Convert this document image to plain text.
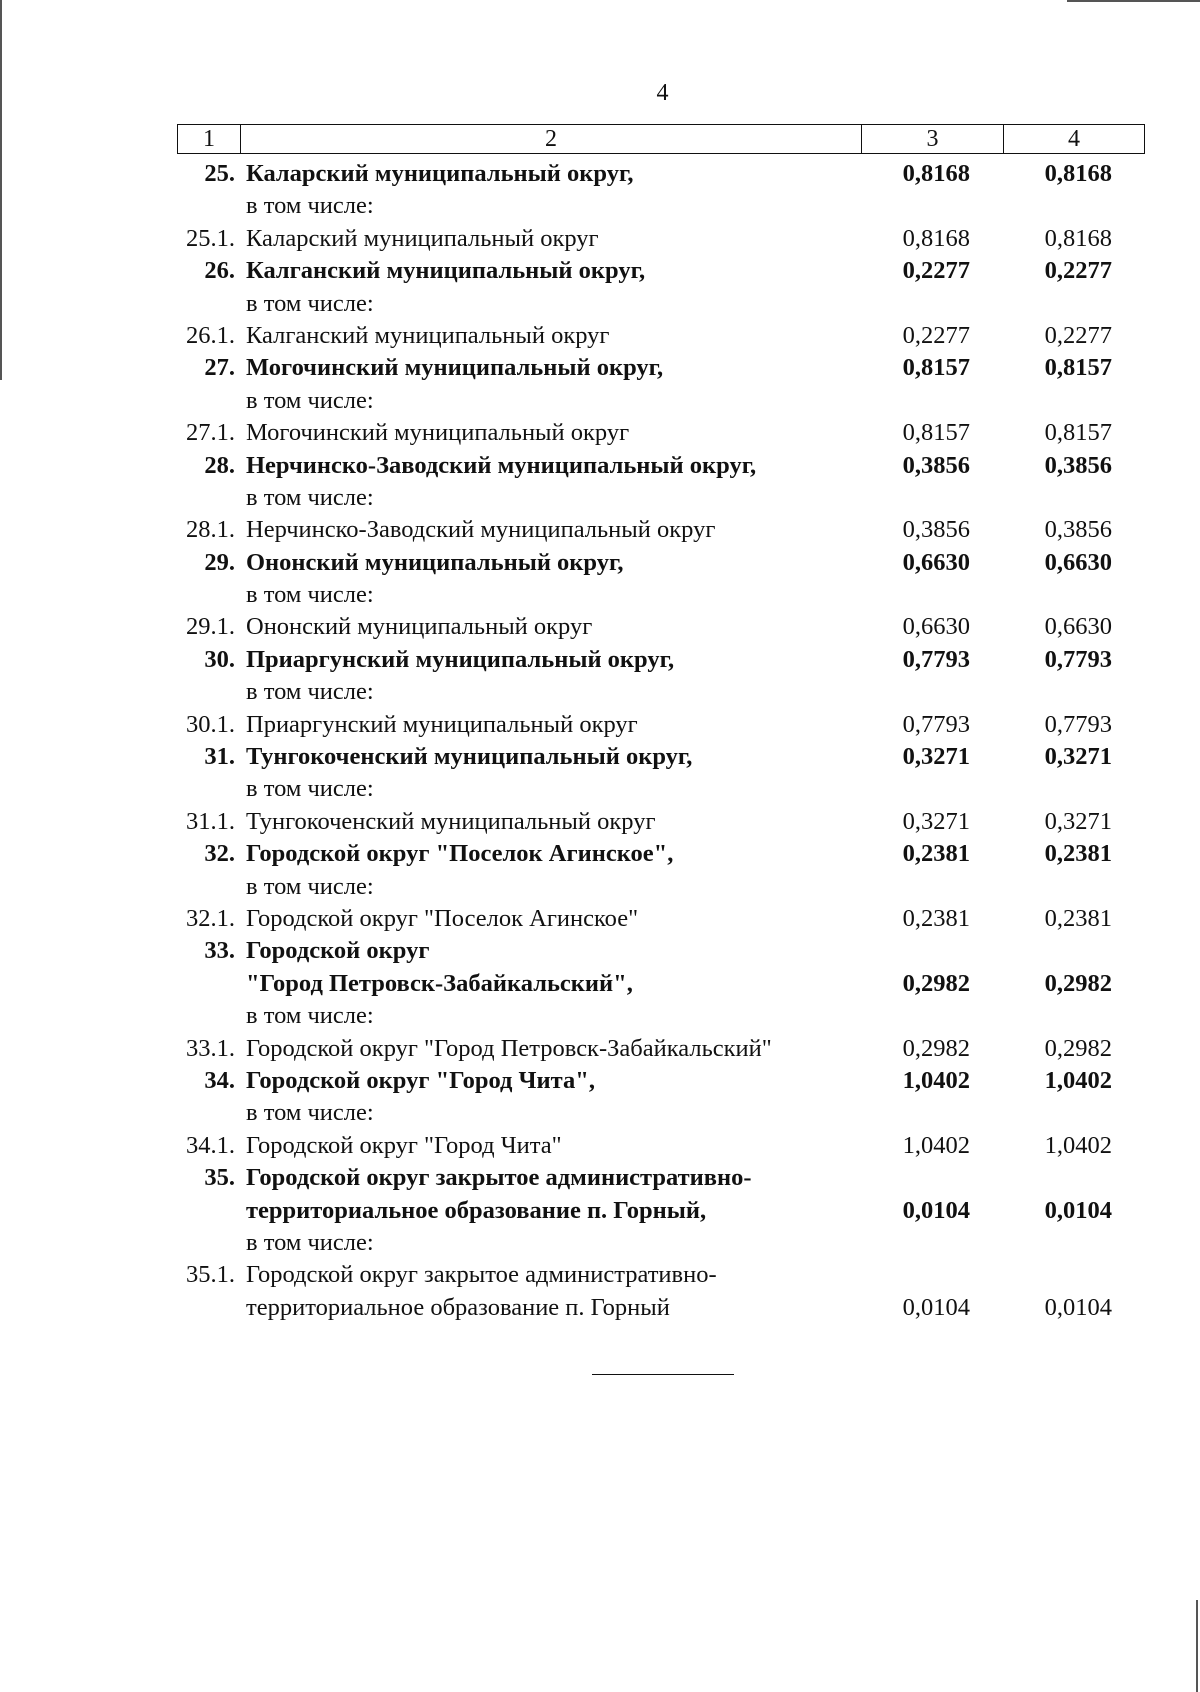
4
1	2	3	4
25. Каларский муниципальный округ,	0,8168	0,8168
в том числе:
25.1. Каларский муниципальный округ	0,8168	0,8168
26. Калганский муниципальный округ,	0,2277	0,2277
в том числе:
26.1. Калганский муниципальный округ	0,2277	0,2277
27. Могочинский муниципальный округ,	0,8157	0,8157
в том числе:
27.1. Могочинский муниципальный округ	0,8157	0,8157
28. Нерчинско-Заводский муниципальный округ,	0,3856	0,3856
в том числе:
28.1. Нерчинско-Заводский муниципальный округ	0,3856	0,3856
29. Ононский муниципальный округ,	0,6630	0,6630
в том числе:
29.1. Ононский муниципальный округ	0,6630	0,6630
30. Приаргунский муниципальный округ,	0,7793	0,7793
в том числе:
30.1. Приаргунский муниципальный округ	0,7793	0,7793
31. Тунгокоченский муниципальный округ,	0,3271	0,3271
в том числе:
31.1. Тунгокоченский муниципальный округ	0,3271	0,3271
32. Городской округ "Поселок Агинское",	0,2381	0,2381
в том числе:
32.1. Городской округ "Поселок Агинское"	0,2381	0,2381
33. Городской округ
"Город Петровск-Забайкальский",	0,2982	0,2982
в том числе:
33.1. Городской округ "Город Петровск-Забайкальский"	0,2982	0,2982
34. Городской округ "Город Чита",	1,0402	1,0402
в том числе:
34.1. Городской округ "Город Чита"	1,0402	1,0402
35. Городской округ закрытое административно-
территориальное образование п. Горный,	0,0104	0,0104
в том числе:
35.1. Городской округ закрытое административно-
территориальное образование п. Горный	0,0104	0,0104
